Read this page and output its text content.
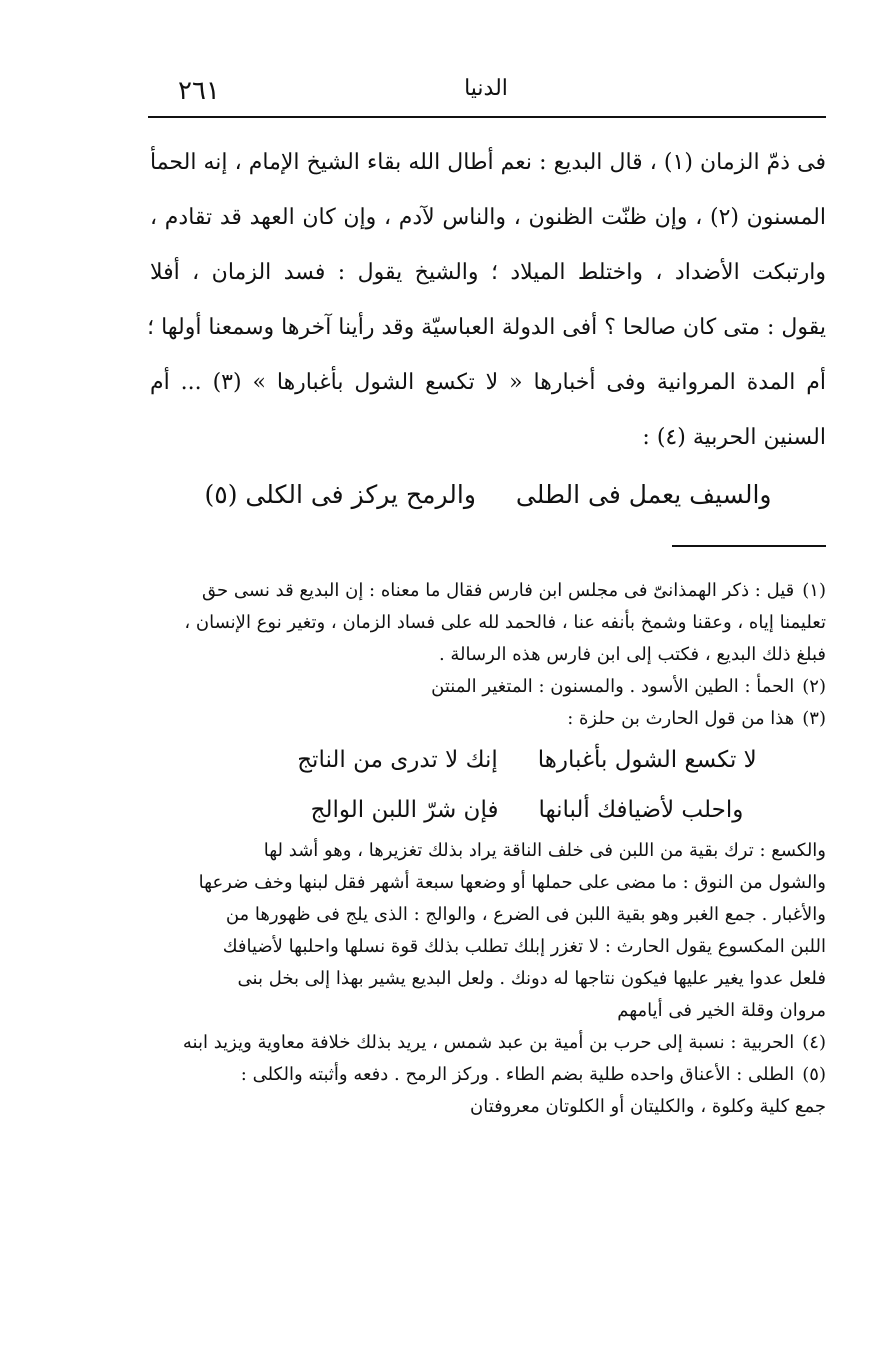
الدنيا
٢٦١
فى ذمّ الزمان (١) ، قال البديع : نعم أطال الله بقاء الشيخ الإمام ، إنه الحمأ
المسنون (٢) ، وإن ظنّت الظنون ، والناس لآدم ، وإن كان العهد قد تقادم ،
وارتبكت الأضداد ، واختلط الميلاد ؛ والشيخ يقول : فسد الزمان ، أفلا
يقول : متى كان صالحا ؟ أفى الدولة العباسيّة وقد رأينا آخرها وسمعنا أولها ؛
أم المدة المروانية وفى أخبارها « لا تكسع الشول بأغبارها » (٣) ... أم
السنين الحربية (٤) :
والسيف يعمل فى الطلى
والرمح يركز فى الكلى (٥)
(١)قيل : ذكر الهمذانىّ فى مجلس ابن فارس فقال ما معناه : إن البديع قد نسى حق
تعليمنا إياه ، وعقنا وشمخ بأنفه عنا ، فالحمد لله على فساد الزمان ، وتغير نوع الإنسان ،
فبلغ ذلك البديع ، فكتب إلى ابن فارس هذه الرسالة .
(٢)الحمأ : الطين الأسود . والمسنون : المتغير المنتن
(٣)هذا من قول الحارث بن حلزة :
لا تكسع الشول بأغبارها
إنك لا تدرى من الناتج
واحلب لأضيافك ألبانها
فإن شرّ اللبن الوالج
والكسع : ترك بقية من اللبن فى خلف الناقة يراد بذلك تغزيرها ، وهو أشد لها
والشول من النوق : ما مضى على حملها أو وضعها سبعة أشهر فقل لبنها وخف ضرعها
والأغبار . جمع الغبر وهو بقية اللبن فى الضرع ، والوالج : الذى يلج فى ظهورها من
اللبن المكسوع يقول الحارث : لا تغزر إبلك تطلب بذلك قوة نسلها واحلبها لأضيافك
فلعل عدوا يغير عليها فيكون نتاجها له دونك . ولعل البديع يشير بهذا إلى بخل بنى
مروان وقلة الخير فى أيامهم
(٤)الحربية : نسبة إلى حرب بن أمية بن عبد شمس ، يريد بذلك خلافة معاوية ويزيد ابنه
(٥)الطلى : الأعناق واحده طلية بضم الطاء . وركز الرمح . دفعه وأثبته والكلى :
جمع كلية وكلوة ، والكليتان أو الكلوتان معروفتان
